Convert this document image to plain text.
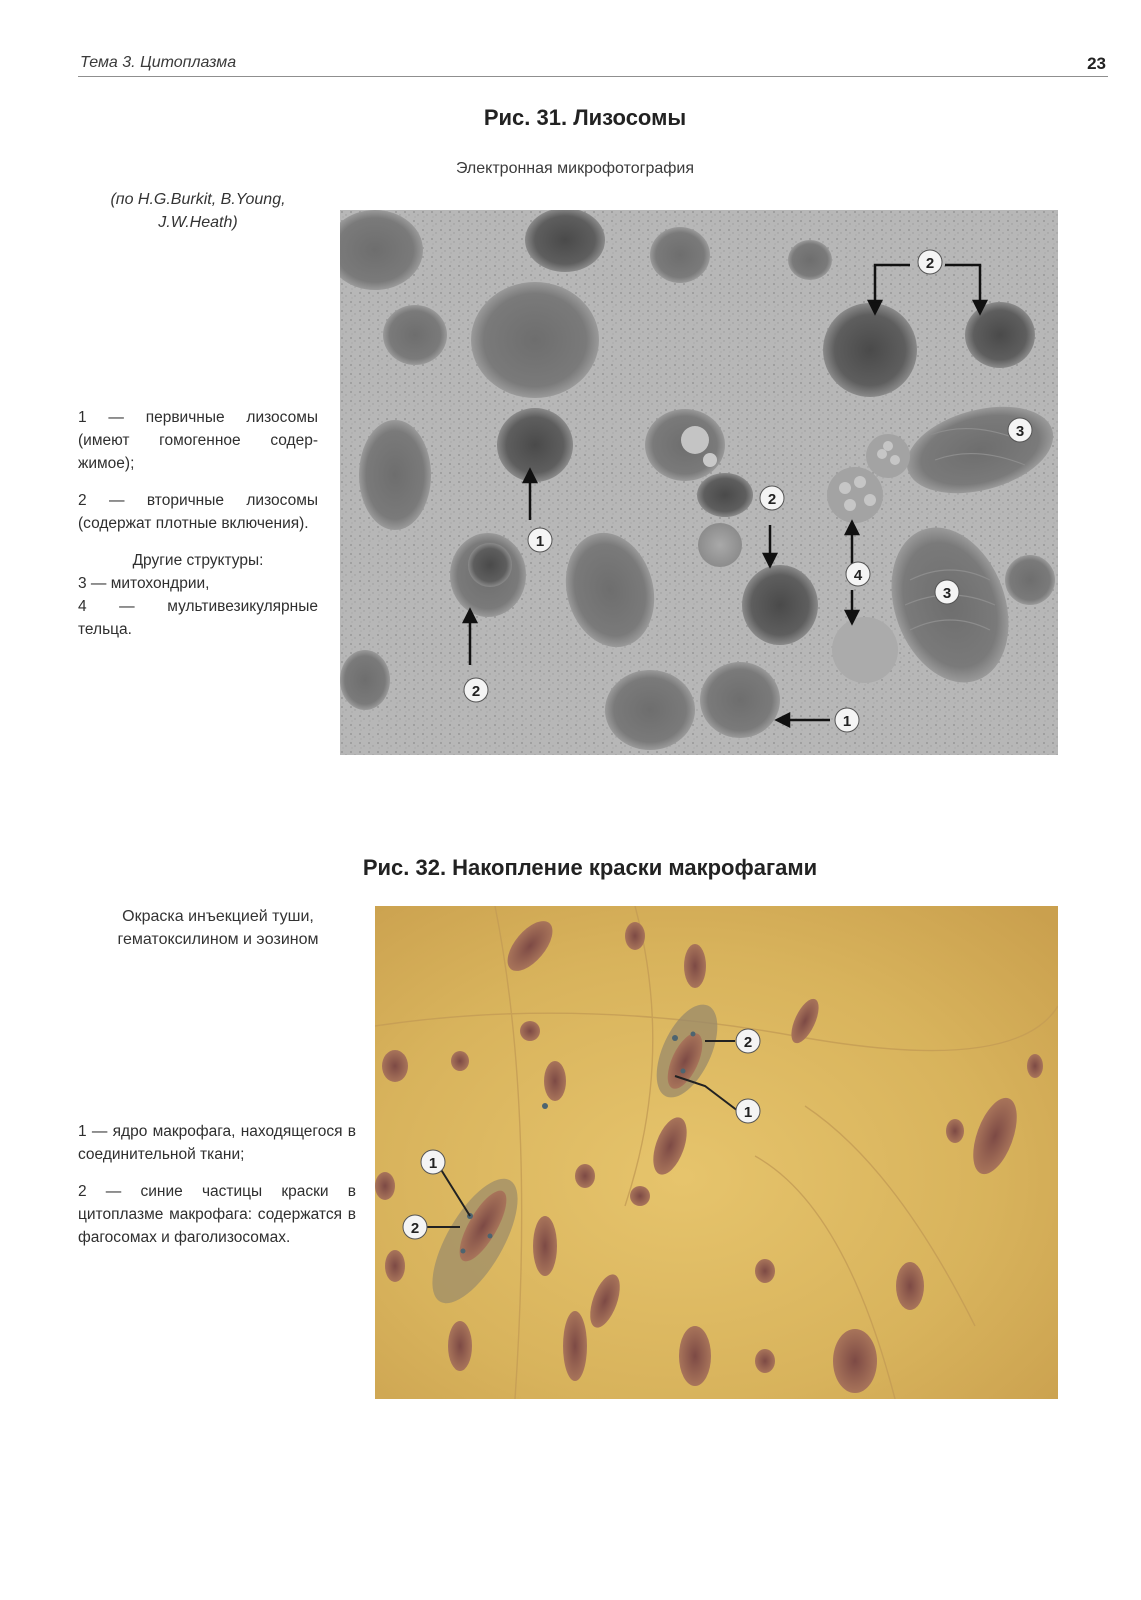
Тема 3. Цитоплазма	23
Рис. 31. Лизосомы
Электронная микрофотография
(по H.G.Burkit, B.Young,
J.W.Heath)

1 — первичные лизосомы (имеют гомогенное содержимое);

2 — вторичные лизосомы (содержат плотные включения).

Другие структуры:

3 — митохондрии,

4 — мультивезикулярные тельца.

1
1
2
2
2
3
3
4
Рис. 32. Накопление краски макрофагами
Окраска инъекцией туши,
гематоксилином и эозином

1 — ядро макрофага, находящегося в соединительной ткани;

2 — синие частицы краски в цитоплазме макрофага: содержатся в фагосомах и фаголизосомах.

2
1
1
2
